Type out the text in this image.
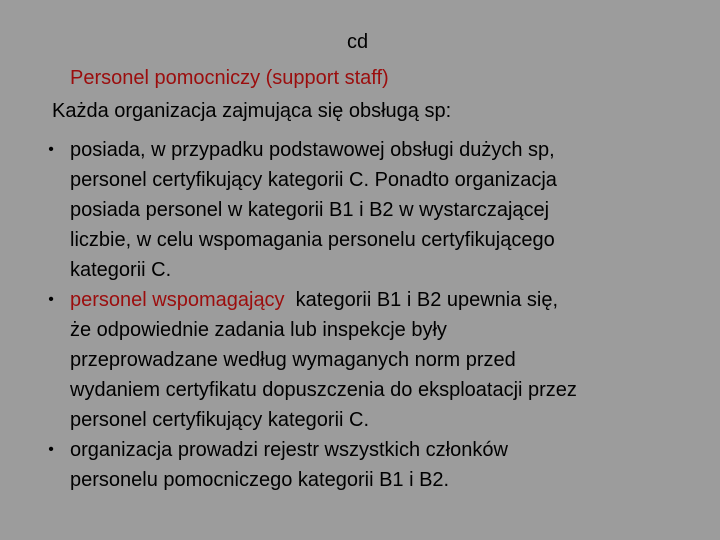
cd
Personel pomocniczy (support staff)
Każda organizacja zajmująca się obsługą sp:
• posiada, w przypadku podstawowej obsługi dużych sp,
personel certyfikujący kategorii C. Ponadto organizacja
posiada personel w kategorii B1 i B2 w wystarczającej
liczbie, w celu wspomagania personelu certyfikującego
kategorii C.
• personel wspomagający  kategorii B1 i B2 upewnia się,
że odpowiednie zadania lub inspekcje były
przeprowadzane według wymaganych norm przed
wydaniem certyfikatu dopuszczenia do eksploatacji przez
personel certyfikujący kategorii C.
• organizacja prowadzi rejestr wszystkich członków
personelu pomocniczego kategorii B1 i B2.
